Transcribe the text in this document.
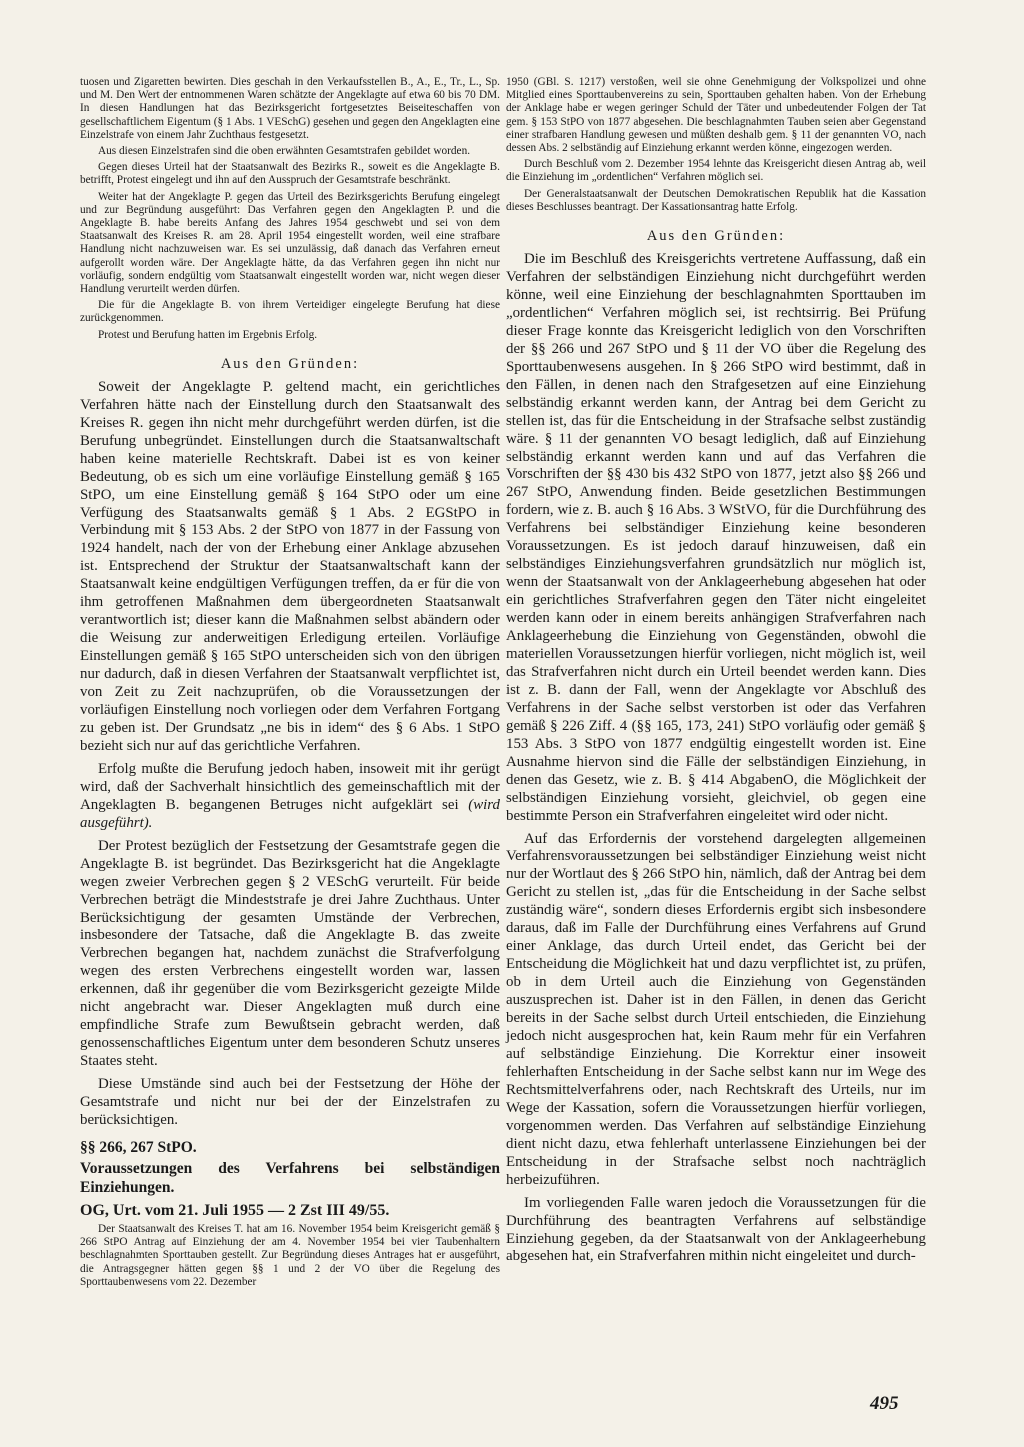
tuosen und Zigaretten bewirten. Dies geschah in den Verkaufsstellen B., A., E., Tr., L., Sp. und M. Den Wert der entnommenen Waren schätzte der Angeklagte auf etwa 60 bis 70 DM. In diesen Handlungen hat das Bezirksgericht fortgesetztes Beiseiteschaffen von gesellschaftlichem Eigentum (§ 1 Abs. 1 VESchG) gesehen und gegen den Angeklagten eine Einzelstrafe von einem Jahr Zuchthaus festgesetzt.

Aus diesen Einzelstrafen sind die oben erwähnten Gesamtstrafen gebildet worden.

Gegen dieses Urteil hat der Staatsanwalt des Bezirks R., soweit es die Angeklagte B. betrifft, Protest eingelegt und ihn auf den Ausspruch der Gesamtstrafe beschränkt.

Weiter hat der Angeklagte P. gegen das Urteil des Bezirksgerichts Berufung eingelegt und zur Begründung ausgeführt: Das Verfahren gegen den Angeklagten P. und die Angeklagte B. habe bereits Anfang des Jahres 1954 geschwebt und sei von dem Staatsanwalt des Kreises R. am 28. April 1954 eingestellt worden, weil eine strafbare Handlung nicht nachzuweisen war. Es sei unzulässig, daß danach das Verfahren erneut aufgerollt worden wäre. Der Angeklagte hätte, da das Verfahren gegen ihn nicht nur vorläufig, sondern endgültig vom Staatsanwalt eingestellt worden war, nicht wegen dieser Handlung verurteilt werden dürfen.

Die für die Angeklagte B. von ihrem Verteidiger eingelegte Berufung hat diese zurückgenommen.

Protest und Berufung hatten im Ergebnis Erfolg.

Aus den Gründen:

Soweit der Angeklagte P. geltend macht, ein gerichtliches Verfahren hätte nach der Einstellung durch den Staatsanwalt des Kreises R. gegen ihn nicht mehr durchgeführt werden dürfen, ist die Berufung unbegründet. Einstellungen durch die Staatsanwaltschaft haben keine materielle Rechtskraft. Dabei ist es von keiner Bedeutung, ob es sich um eine vorläufige Einstellung gemäß § 165 StPO, um eine Einstellung gemäß § 164 StPO oder um eine Verfügung des Staatsanwalts gemäß § 1 Abs. 2 EGStPO in Verbindung mit § 153 Abs. 2 der StPO von 1877 in der Fassung von 1924 handelt, nach der von der Erhebung einer Anklage abzusehen ist. Entsprechend der Struktur der Staatsanwaltschaft kann der Staatsanwalt keine endgültigen Verfügungen treffen, da er für die von ihm getroffenen Maßnahmen dem übergeordneten Staatsanwalt verantwortlich ist; dieser kann die Maßnahmen selbst abändern oder die Weisung zur anderweitigen Erledigung erteilen. Vorläufige Einstellungen gemäß § 165 StPO unterscheiden sich von den übrigen nur dadurch, daß in diesen Verfahren der Staatsanwalt verpflichtet ist, von Zeit zu Zeit nachzuprüfen, ob die Voraussetzungen der vorläufigen Einstellung noch vorliegen oder dem Verfahren Fortgang zu geben ist. Der Grundsatz „ne bis in idem“ des § 6 Abs. 1 StPO bezieht sich nur auf das gerichtliche Verfahren.

Erfolg mußte die Berufung jedoch haben, insoweit mit ihr gerügt wird, daß der Sachverhalt hinsichtlich des gemeinschaftlich mit der Angeklagten B. begangenen Betruges nicht aufgeklärt sei (wird ausgeführt).

Der Protest bezüglich der Festsetzung der Gesamtstrafe gegen die Angeklagte B. ist begründet. Das Bezirksgericht hat die Angeklagte wegen zweier Verbrechen gegen § 2 VESchG verurteilt. Für beide Verbrechen beträgt die Mindeststrafe je drei Jahre Zuchthaus. Unter Berücksichtigung der gesamten Umstände der Verbrechen, insbesondere der Tatsache, daß die Angeklagte B. das zweite Verbrechen begangen hat, nachdem zunächst die Strafverfolgung wegen des ersten Verbrechens eingestellt worden war, lassen erkennen, daß ihr gegenüber die vom Bezirksgericht gezeigte Milde nicht angebracht war. Dieser Angeklagten muß durch eine empfindliche Strafe zum Bewußtsein gebracht werden, daß genossenschaftliches Eigentum unter dem besonderen Schutz unseres Staates steht.

Diese Umstände sind auch bei der Festsetzung der Höhe der Gesamtstrafe und nicht nur bei der der Einzelstrafen zu berücksichtigen.

§§ 266, 267 StPO.
Voraussetzungen des Verfahrens bei selbständigen Einziehungen.
OG, Urt. vom 21. Juli 1955 — 2 Zst III 49/55.

Der Staatsanwalt des Kreises T. hat am 16. November 1954 beim Kreisgericht gemäß § 266 StPO Antrag auf Einziehung der am 4. November 1954 bei vier Taubenhaltern beschlagnahmten Sporttauben gestellt. Zur Begründung dieses Antrages hat er ausgeführt, die Antragsgegner hätten gegen §§ 1 und 2 der VO über die Regelung des Sporttaubenwesens vom 22. Dezember

1950 (GBl. S. 1217) verstoßen, weil sie ohne Genehmigung der Volkspolizei und ohne Mitglied eines Sporttaubenvereins zu sein, Sporttauben gehalten haben. Von der Erhebung der Anklage habe er wegen geringer Schuld der Täter und unbedeutender Folgen der Tat gem. § 153 StPO von 1877 abgesehen. Die beschlagnahmten Tauben seien aber Gegenstand einer strafbaren Handlung gewesen und müßten deshalb gem. § 11 der genannten VO, nach dessen Abs. 2 selbständig auf Einziehung erkannt werden könne, eingezogen werden.

Durch Beschluß vom 2. Dezember 1954 lehnte das Kreisgericht diesen Antrag ab, weil die Einziehung im „ordentlichen“ Verfahren möglich sei.

Der Generalstaatsanwalt der Deutschen Demokratischen Republik hat die Kassation dieses Beschlusses beantragt. Der Kassationsantrag hatte Erfolg.

Aus den Gründen:

Die im Beschluß des Kreisgerichts vertretene Auffassung, daß ein Verfahren der selbständigen Einziehung nicht durchgeführt werden könne, weil eine Einziehung der beschlagnahmten Sporttauben im „ordentlichen“ Verfahren möglich sei, ist rechtsirrig. Bei Prüfung dieser Frage konnte das Kreisgericht lediglich von den Vorschriften der §§ 266 und 267 StPO und § 11 der VO über die Regelung des Sporttaubenwesens ausgehen. In § 266 StPO wird bestimmt, daß in den Fällen, in denen nach den Strafgesetzen auf eine Einziehung selbständig erkannt werden kann, der Antrag bei dem Gericht zu stellen ist, das für die Entscheidung in der Strafsache selbst zuständig wäre. § 11 der genannten VO besagt lediglich, daß auf Einziehung selbständig erkannt werden kann und auf das Verfahren die Vorschriften der §§ 430 bis 432 StPO von 1877, jetzt also §§ 266 und 267 StPO, Anwendung finden. Beide gesetzlichen Bestimmungen fordern, wie z. B. auch § 16 Abs. 3 WStVO, für die Durchführung des Verfahrens bei selbständiger Einziehung keine besonderen Voraussetzungen. Es ist jedoch darauf hinzuweisen, daß ein selbständiges Einziehungsverfahren grundsätzlich nur möglich ist, wenn der Staatsanwalt von der Anklageerhebung abgesehen hat oder ein gerichtliches Strafverfahren gegen den Täter nicht eingeleitet werden kann oder in einem bereits anhängigen Strafverfahren nach Anklageerhebung die Einziehung von Gegenständen, obwohl die materiellen Voraussetzungen hierfür vorliegen, nicht möglich ist, weil das Strafverfahren nicht durch ein Urteil beendet werden kann. Dies ist z. B. dann der Fall, wenn der Angeklagte vor Abschluß des Verfahrens in der Sache selbst verstorben ist oder das Verfahren gemäß § 226 Ziff. 4 (§§ 165, 173, 241) StPO vorläufig oder gemäß § 153 Abs. 3 StPO von 1877 endgültig eingestellt worden ist. Eine Ausnahme hiervon sind die Fälle der selbständigen Einziehung, in denen das Gesetz, wie z. B. § 414 AbgabenO, die Möglichkeit der selbständigen Einziehung vorsieht, gleichviel, ob gegen eine bestimmte Person ein Strafverfahren eingeleitet wird oder nicht.

Auf das Erfordernis der vorstehend dargelegten allgemeinen Verfahrensvoraussetzungen bei selbständiger Einziehung weist nicht nur der Wortlaut des § 266 StPO hin, nämlich, daß der Antrag bei dem Gericht zu stellen ist, „das für die Entscheidung in der Sache selbst zuständig wäre“, sondern dieses Erfordernis ergibt sich insbesondere daraus, daß im Falle der Durchführung eines Verfahrens auf Grund einer Anklage, das durch Urteil endet, das Gericht bei der Entscheidung die Möglichkeit hat und dazu verpflichtet ist, zu prüfen, ob in dem Urteil auch die Einziehung von Gegenständen auszusprechen ist. Daher ist in den Fällen, in denen das Gericht bereits in der Sache selbst durch Urteil entschieden, die Einziehung jedoch nicht ausgesprochen hat, kein Raum mehr für ein Verfahren auf selbständige Einziehung. Die Korrektur einer insoweit fehlerhaften Entscheidung in der Sache selbst kann nur im Wege des Rechtsmittelverfahrens oder, nach Rechtskraft des Urteils, nur im Wege der Kassation, sofern die Voraussetzungen hierfür vorliegen, vorgenommen werden. Das Verfahren auf selbständige Einziehung dient nicht dazu, etwa fehlerhaft unterlassene Einziehungen bei der Entscheidung in der Strafsache selbst noch nachträglich herbeizuführen.

Im vorliegenden Falle waren jedoch die Voraussetzungen für die Durchführung des beantragten Verfahrens auf selbständige Einziehung gegeben, da der Staatsanwalt von der Anklageerhebung abgesehen hat, ein Strafverfahren mithin nicht eingeleitet und durch-

495
